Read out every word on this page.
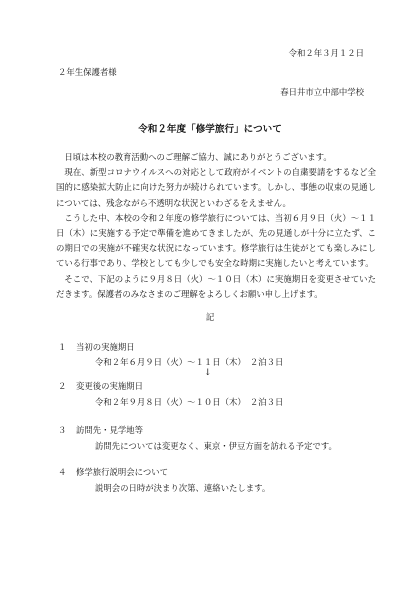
令和２年３月１２日
２年生保護者様
春日井市立中部中学校
令和２年度「修学旅行」について

日頃は本校の教育活動へのご理解ご協力、誠にありがとうございます。

現在、新型コロナウイルスへの対応として政府がイベントの自粛要請をするなど全国的に感染拡大防止に向けた努力が続けられています。しかし、事態の収束の見通しについては、残念ながら不透明な状況といわざるをえません。

こうした中、本校の令和２年度の修学旅行については、当初６月９日（火）～１１日（木）に実施する予定で準備を進めてきましたが、先の見通しが十分に立たず、この期日での実施が不確実な状況になっています。修学旅行は生徒がとても楽しみにしている行事であり、学校としても少しでも安全な時期に実施したいと考えています。

そこで、下記のように９月８日（火）～１０日（木）に実施期日を変更させていただきます。保護者のみなさまのご理解をよろしくお願い申し上げます。

記
１ 当初の実施期日
令和２年６月９日（火）～１１日（木）　２泊３日
↓
２ 変更後の実施期日
令和２年９月８日（火）～１０日（木）　２泊３日
３ 訪問先・見学地等
訪問先については変更なく、東京・伊豆方面を訪れる予定です。
４ 修学旅行説明会について
説明会の日時が決まり次第、連絡いたします。
